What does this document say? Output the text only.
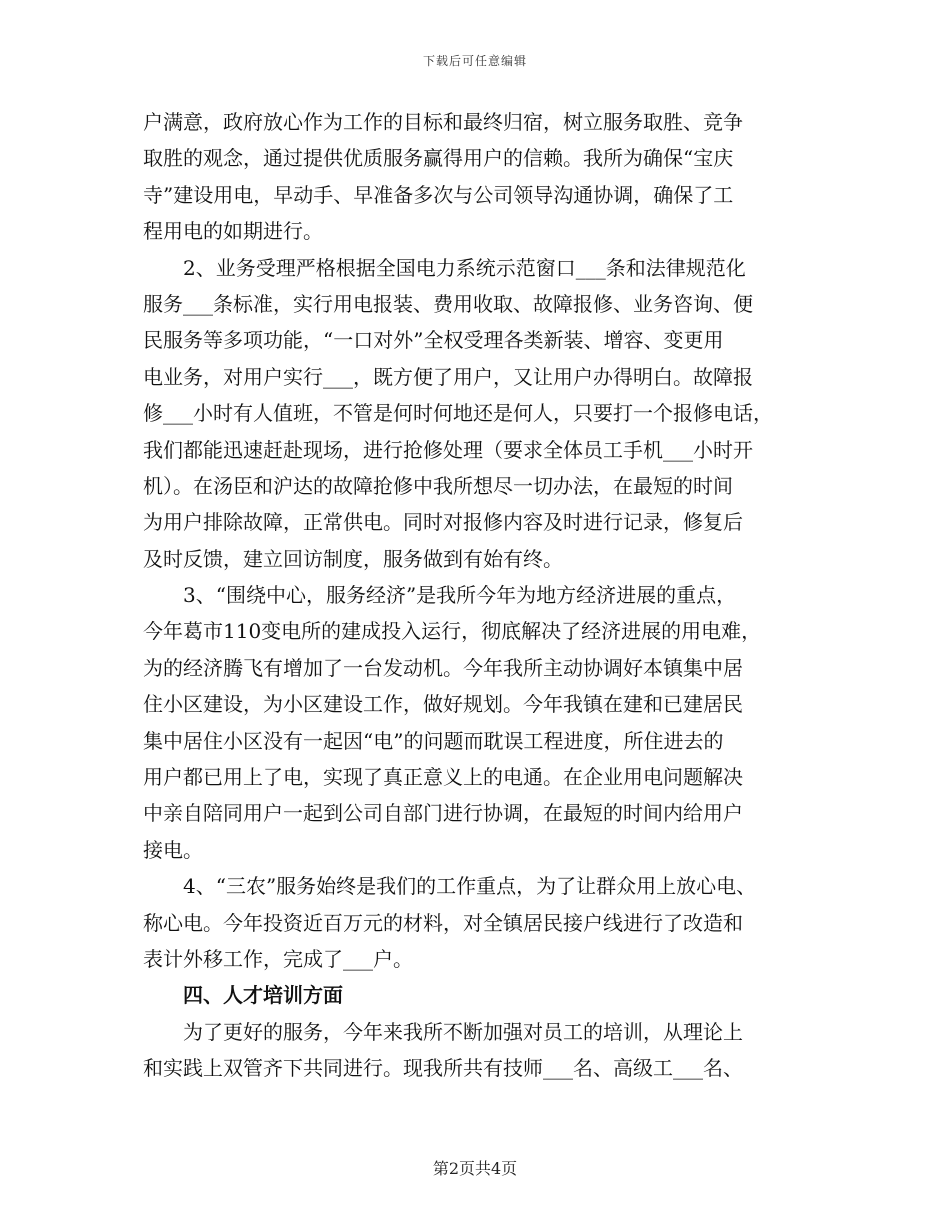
下载后可任意编辑
户满意，政府放心作为工作的目标和最终归宿，树立服务取胜、竞争
取胜的观念，通过提供优质服务赢得用户的信赖。我所为确保“宝庆
寺”建设用电，早动手、早准备多次与公司领导沟通协调，确保了工
程用电的如期进行。
2、业务受理严格根据全国电力系统示范窗口___条和法律规范化
服务___条标准，实行用电报装、费用收取、故障报修、业务咨询、便
民服务等多项功能，“一口对外”全权受理各类新装、增容、变更用
电业务，对用户实行___，既方便了用户，又让用户办得明白。故障报
修___小时有人值班，不管是何时何地还是何人，只要打一个报修电话，
我们都能迅速赶赴现场，进行抢修处理（要求全体员工手机___小时开
机）。在汤臣和沪达的故障抢修中我所想尽一切办法，在最短的时间
为用户排除故障，正常供电。同时对报修内容及时进行记录，修复后
及时反馈，建立回访制度，服务做到有始有终。
3、“围绕中心，服务经济”是我所今年为地方经济进展的重点，
今年葛市110变电所的建成投入运行，彻底解决了经济进展的用电难，
为的经济腾飞有增加了一台发动机。今年我所主动协调好本镇集中居
住小区建设，为小区建设工作，做好规划。今年我镇在建和已建居民
集中居住小区没有一起因“电”的问题而耽误工程进度，所住进去的
用户都已用上了电，实现了真正意义上的电通。在企业用电问题解决
中亲自陪同用户一起到公司自部门进行协调，在最短的时间内给用户
接电。
4、“三农”服务始终是我们的工作重点，为了让群众用上放心电、
称心电。今年投资近百万元的材料，对全镇居民接户线进行了改造和
表计外移工作，完成了___户。
四、人才培训方面
为了更好的服务，今年来我所不断加强对员工的培训，从理论上
和实践上双管齐下共同进行。现我所共有技师___名、高级工___名、
第2页共4页
